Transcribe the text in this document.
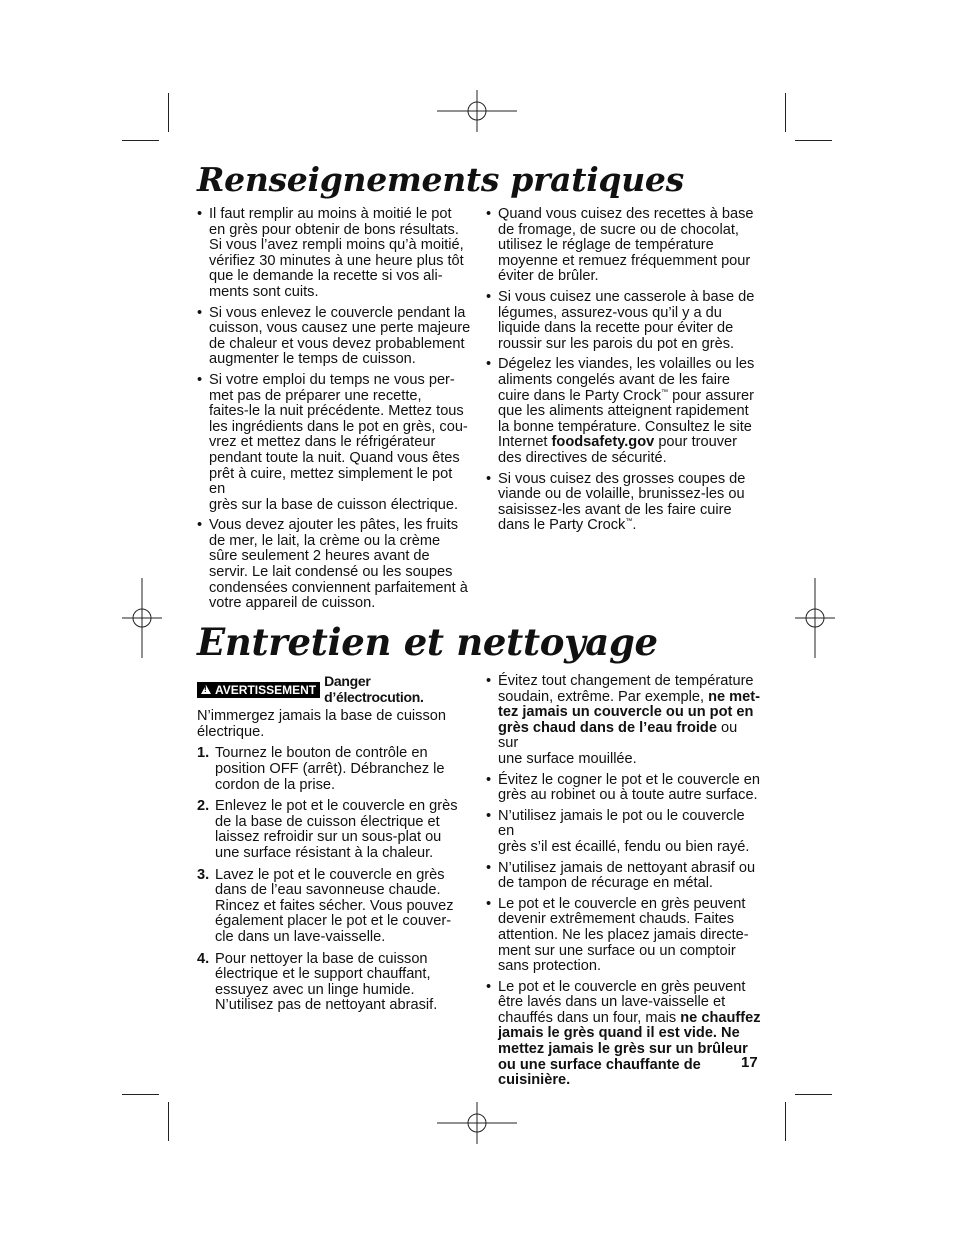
Renseignements pratiques
• Il faut remplir au moins à moitié le pot
en grès pour obtenir de bons résultats.
Si vous l’avez rempli moins qu’à moitié,
vérifiez 30 minutes à une heure plus tôt
que le demande la recette si vos ali-
ments sont cuits.
• Si vous enlevez le couvercle pendant la
cuisson, vous causez une perte majeure
de chaleur et vous devez probablement
augmenter le temps de cuisson.
• Si votre emploi du temps ne vous per-
met pas de préparer une recette,
faites-le la nuit précédente. Mettez tous
les ingrédients dans le pot en grès, cou-
vrez et mettez dans le réfrigérateur
pendant toute la nuit. Quand vous êtes
prêt à cuire, mettez simplement le pot en
grès sur la base de cuisson électrique.
• Vous devez ajouter les pâtes, les fruits
de mer, le lait, la crème ou la crème
sûre seulement 2 heures avant de
servir. Le lait condensé ou les soupes
condensées conviennent parfaitement à
votre appareil de cuisson.
• Quand vous cuisez des recettes à base
de fromage, de sucre ou de chocolat,
utilisez le réglage de température
moyenne et remuez fréquemment pour
éviter de brûler.
• Si vous cuisez une casserole à base de
légumes, assurez-vous qu’il y a du
liquide dans la recette pour éviter de
roussir sur les parois du pot en grès.
• Dégelez les viandes, les volailles ou les
aliments congelés avant de les faire
cuire dans le Party Crock™ pour assurer
que les aliments atteignent rapidement
la bonne température. Consultez le site
Internet foodsafety.gov pour trouver
des directives de sécurité.
• Si vous cuisez des grosses coupes de
viande ou de volaille, brunissez-les ou
saisissez-les avant de les faire cuire
dans le Party Crock™.
Entretien et nettoyage
!
AVERTISSEMENT
Danger d’électrocution.

N’immergez jamais la base de cuisson
électrique.

1. Tournez le bouton de contrôle en
position OFF (arrêt). Débranchez le
cordon de la prise.
2. Enlevez le pot et le couvercle en grès
de la base de cuisson électrique et
laissez refroidir sur un sous-plat ou
une surface résistant à la chaleur.
3. Lavez le pot et le couvercle en grès
dans de l’eau savonneuse chaude.
Rincez et faites sécher. Vous pouvez
également placer le pot et le couver-
cle dans un lave-vaisselle.
4. Pour nettoyer la base de cuisson
électrique et le support chauffant,
essuyez avec un linge humide.
N’utilisez pas de nettoyant abrasif.
• Évitez tout changement de température
soudain, extrême. Par exemple, ne met-
tez jamais un couvercle ou un pot en
grès chaud dans de l’eau froide ou sur
une surface mouillée.
• Évitez le cogner le pot et le couvercle en
grès au robinet ou à toute autre surface.
• N’utilisez jamais le pot ou le couvercle en
grès s’il est écaillé, fendu ou bien rayé.
• N’utilisez jamais de nettoyant abrasif ou
de tampon de récurage en métal.
• Le pot et le couvercle en grès peuvent
devenir extrêmement chauds. Faites
attention. Ne les placez jamais directe-
ment sur une surface ou un comptoir
sans protection.
• Le pot et le couvercle en grès peuvent
être lavés dans un lave-vaisselle et
chauffés dans un four, mais ne chauffez
jamais le grès quand il est vide. Ne
mettez jamais le grès sur un brûleur
ou une surface chauffante de
cuisinière.
17
